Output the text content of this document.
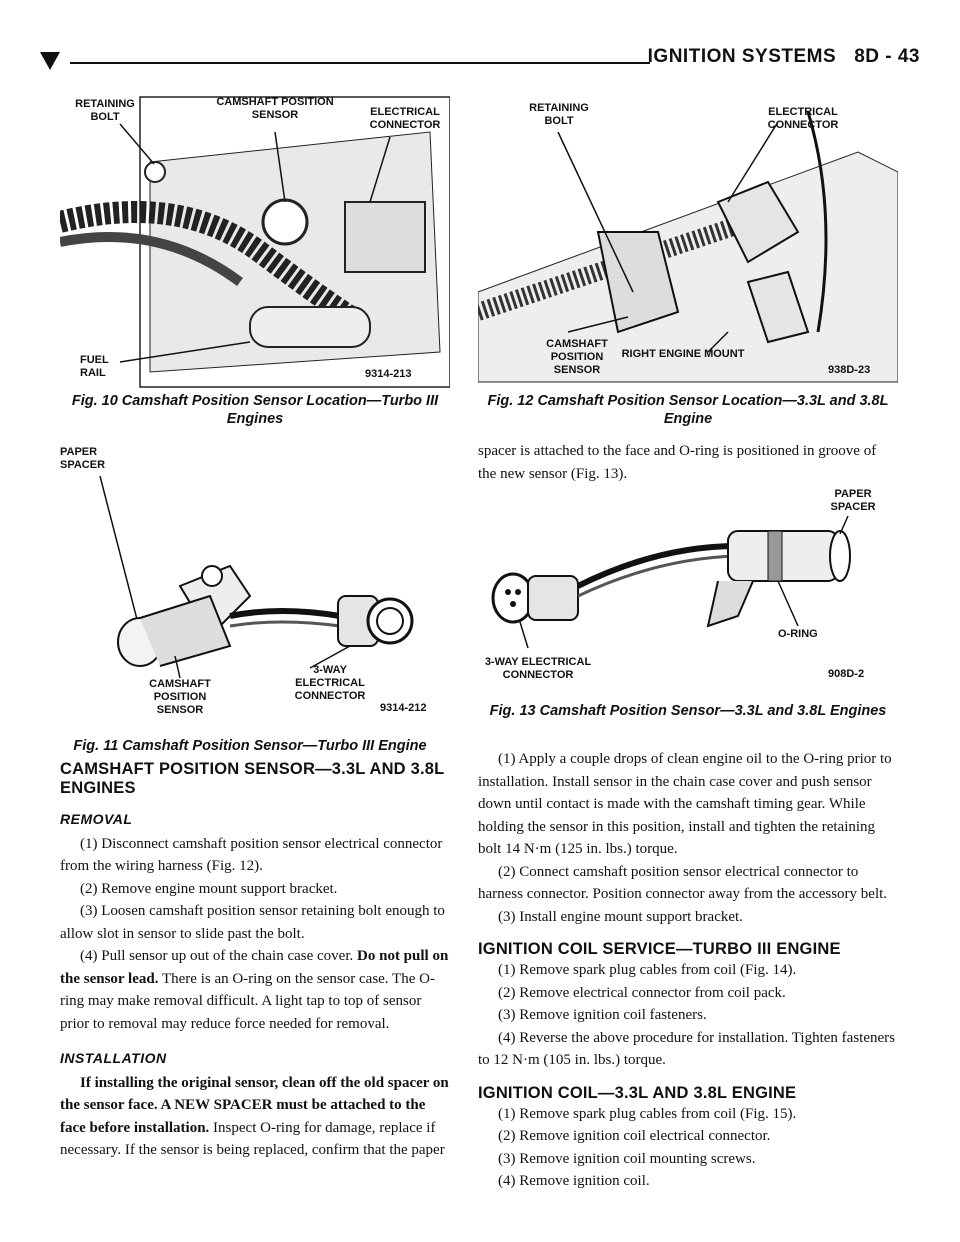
IGNITION SYSTEMS 8D - 43
RETAINING BOLT
CAMSHAFT POSITION SENSOR	ELECTRICAL CONNECTOR
FUEL RAIL	9314-213
Fig. 10 Camshaft Position Sensor Location—Turbo III Engines
RETAINING BOLT
ELECTRICAL CONNECTOR
CAMSHAFT POSITION SENSOR
RIGHT ENGINE MOUNT
938D-23
Fig. 12 Camshaft Position Sensor Location—3.3L and 3.8L Engine
PAPER SPACER
CAMSHAFT POSITION SENSOR
3-WAY ELECTRICAL CONNECTOR
9314-212
Fig. 11 Camshaft Position Sensor—Turbo III Engine
PAPER SPACER
O-RING
3-WAY ELECTRICAL CONNECTOR	908D-2
Fig. 13 Camshaft Position Sensor—3.3L and 3.8L Engines
CAMSHAFT POSITION SENSOR—3.3L AND 3.8L ENGINES
REMOVAL

(1) Disconnect camshaft position sensor electrical connector from the wiring harness (Fig. 12).

(2) Remove engine mount support bracket.

(3) Loosen camshaft position sensor retaining bolt enough to allow slot in sensor to slide past the bolt.

(4) Pull sensor up out of the chain case cover. Do not pull on the sensor lead. There is an O-ring on the sensor case. The O-ring may make removal difficult. A light tap to top of sensor prior to removal may reduce force needed for removal.

INSTALLATION

If installing the original sensor, clean off the old spacer on the sensor face. A NEW SPACER must be attached to the face before installation. Inspect O-ring for damage, replace if necessary. If the sensor is being replaced, confirm that the paper

spacer is attached to the face and O-ring is positioned in groove of the new sensor (Fig. 13).

(1) Apply a couple drops of clean engine oil to the O-ring prior to installation. Install sensor in the chain case cover and push sensor down until contact is made with the camshaft timing gear. While holding the sensor in this position, install and tighten the retaining bolt 14 N·m (125 in. lbs.) torque.

(2) Connect camshaft position sensor electrical connector to harness connector. Position connector away from the accessory belt.

(3) Install engine mount support bracket.

IGNITION COIL SERVICE—TURBO III ENGINE

(1) Remove spark plug cables from coil (Fig. 14).

(2) Remove electrical connector from coil pack.

(3) Remove ignition coil fasteners.

(4) Reverse the above procedure for installation. Tighten fasteners to 12 N·m (105 in. lbs.) torque.

IGNITION COIL—3.3L AND 3.8L ENGINE

(1) Remove spark plug cables from coil (Fig. 15).

(2) Remove ignition coil electrical connector.

(3) Remove ignition coil mounting screws.

(4) Remove ignition coil.
